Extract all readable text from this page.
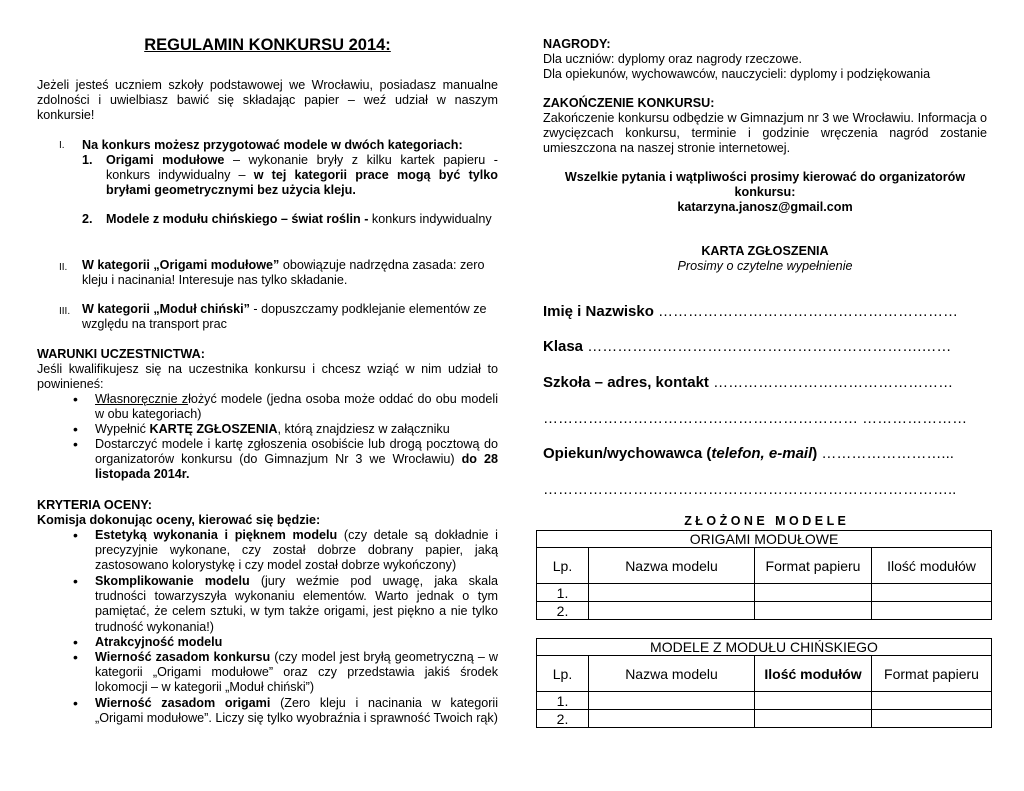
REGULAMIN KONKURSU 2014:
Jeżeli jesteś uczniem szkoły podstawowej we Wrocławiu, posiadasz manualne zdolności i uwielbiasz bawić się składając papier – weź udział w naszym konkursie!
I. Na konkurs możesz przygotować modele w dwóch kategoriach:
1. Origami modułowe – wykonanie bryły z kilku kartek papieru - konkurs indywidualny – w tej kategorii prace mogą być tylko bryłami geometrycznymi bez użycia kleju.
2. Modele z modułu chińskiego – świat roślin - konkurs indywidualny
II. W kategorii „Origami modułowe” obowiązuje nadrzędna zasada: zero kleju i nacinania! Interesuje nas tylko składanie.
III. W kategorii „Moduł chiński” - dopuszczamy podklejanie elementów ze względu na transport prac
WARUNKI UCZESTNICTWA:
Jeśli kwalifikujesz się na uczestnika konkursu i chcesz wziąć w nim udział to powinieneś:
• Własnoręcznie złożyć modele (jedna osoba może oddać do obu modeli w obu kategoriach)
• Wypełnić KARTĘ ZGŁOSZENIA, którą znajdziesz w załączniku
• Dostarczyć modele i kartę zgłoszenia osobiście lub drogą pocztową do organizatorów konkursu (do Gimnazjum Nr 3 we Wrocławiu) do 28 listopada 2014r.
KRYTERIA OCENY:
Komisja dokonując oceny, kierować się będzie:
• Estetyką wykonania i pięknem modelu (czy detale są dokładnie i precyzyjnie wykonane, czy został dobrze dobrany papier, jaką zastosowano kolorystykę i czy model został dobrze wykończony)
• Skomplikowanie modelu (jury weźmie pod uwagę, jaka skala trudności towarzyszyła wykonaniu elementów. Warto jednak o tym pamiętać, że celem sztuki, w tym także origami, jest piękno a nie tylko trudność wykonania!)
• Atrakcyjność modelu
• Wierność zasadom konkursu (czy model jest bryłą geometryczną – w kategorii „Origami modułowe” oraz czy przedstawia jakiś środek lokomocji – w kategorii „Moduł chiński”)
• Wierność zasadom origami (Zero kleju i nacinania w kategorii „Origami modułowe”. Liczy się tylko wyobraźnia i sprawność Twoich rąk)
NAGRODY:
Dla uczniów: dyplomy oraz nagrody rzeczowe.
Dla opiekunów, wychowawców, nauczycieli: dyplomy i podziękowania
ZAKOŃCZENIE KONKURSU:
Zakończenie konkursu odbędzie w Gimnazjum nr 3 we Wrocławiu. Informacja o zwycięzcach konkursu, terminie i godzinie wręczenia nagród zostanie umieszczona na naszej stronie internetowej.
Wszelkie pytania i wątpliwości prosimy kierować do organizatorów konkursu:
katarzyna.janosz@gmail.com
KARTA ZGŁOSZENIA
Prosimy o czytelne wypełnienie
Imię i Nazwisko ……………………………………………………
Klasa ………………………………………………………….……
Szkoła – adres, kontakt …………………………………………
……………………………………………………… …………………
Opiekun/wychowawca (telefon, e-mail) ……………………...
………………………………………………………………………..
Z Ł O Ż O N E   M O D E L E
ORIGAMI MODUŁOWE			
Lp.	Nazwa modelu	Format papieru	Ilość modułów
1.			
2.			
MODELE Z MODUŁU CHIŃSKIEGO			
Lp.	Nazwa modelu	Ilość modułów	Format papieru
1.			
2.			
